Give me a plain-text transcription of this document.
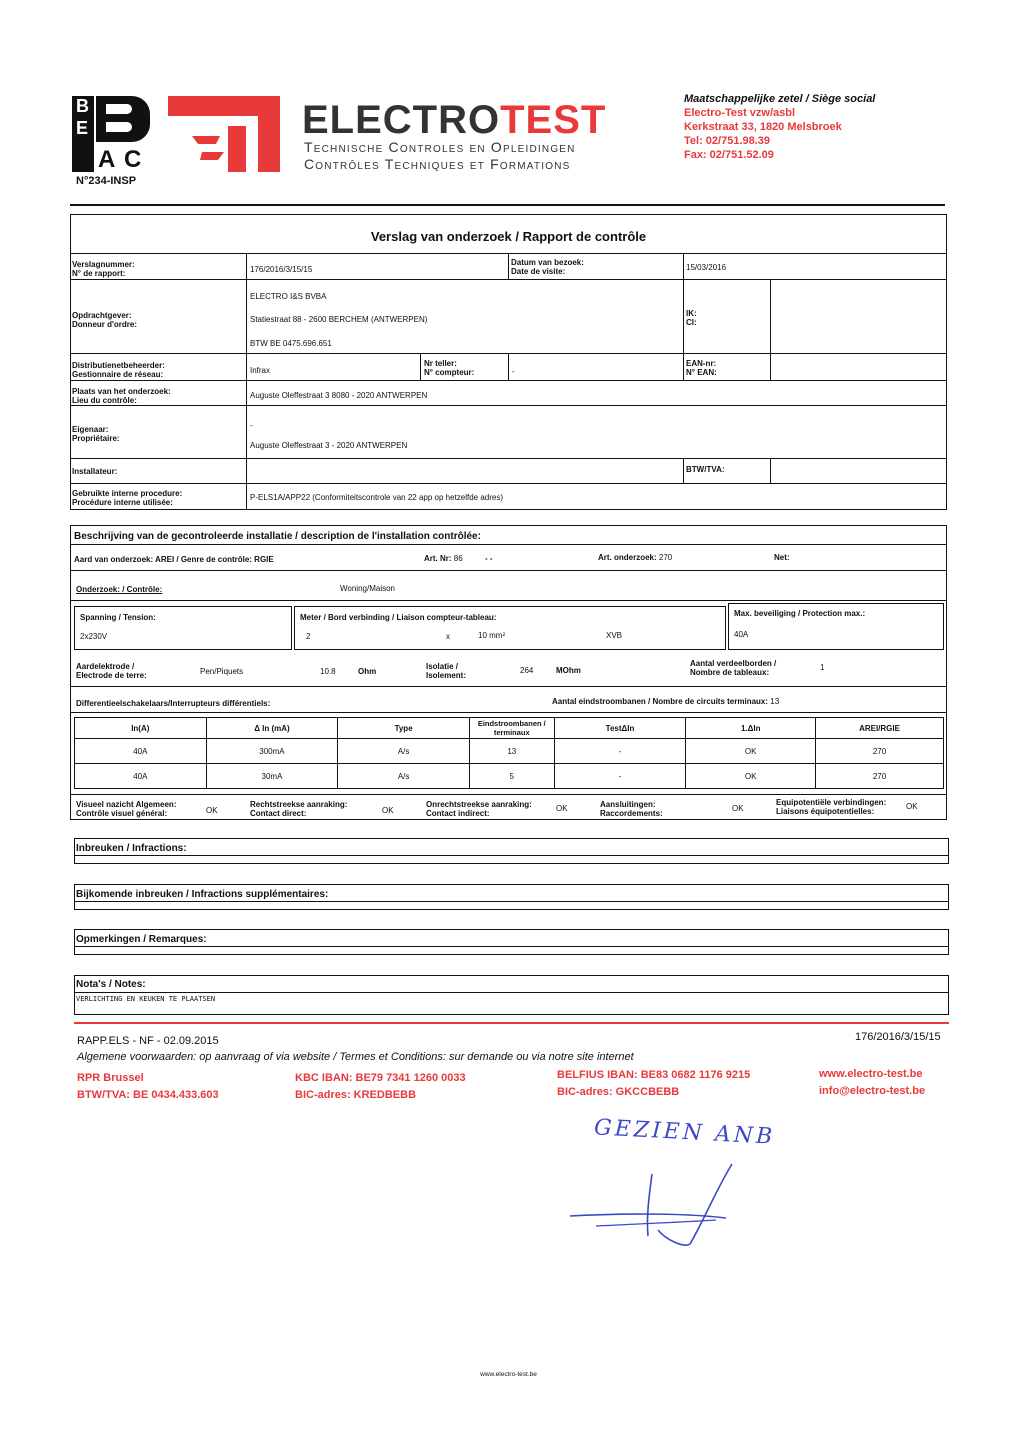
B
E
L A C
N°234-INSP
ELECTROTEST
Technische Controles en Opleidingen
Contrôles Techniques et Formations
Maatschappelijke zetel / Siège social
Electro-Test vzw/asbl
Kerkstraat 33, 1820 Melsbroek
Tel: 02/751.98.39
Fax: 02/751.52.09
Verslag van onderzoek / Rapport de contrôle
Verslagnummer:
N° de rapport:	176/2016/3/15/15
Datum van bezoek:
Date de visite:	15/03/2016
Opdrachtgever:
Donneur d'ordre:
ELECTRO I&S BVBA
Statiestraat 88 - 2600 BERCHEM (ANTWERPEN)
BTW BE 0475.696.651
IK:
CI:
Distributienetbeheerder:
Gestionnaire de réseau:	Infrax
Nr teller:
N° compteur:	-
EAN-nr:
N° EAN:
Plaats van het onderzoek:
Lieu du contrôle:
Auguste Oleffestraat 3 8080 - 2020 ANTWERPEN
Eigenaar:
Propriétaire:
-
Auguste Oleffestraat 3 - 2020 ANTWERPEN
Installateur:	BTW/TVA:
Gebruikte interne procedure:
Procédure interne utilisée:
P-ELS1A/APP22 (Conformiteitscontrole van 22 app op hetzelfde adres)
Beschrijving van de gecontroleerde installatie / description de l'installation contrôlée:
Aard van onderzoek: AREI / Genre de contrôle: RGIE	Art. Nr: 86	- -	Art. onderzoek: 270	Net:
Onderzoek: / Contrôle:	Woning/Maison
Spanning / Tension:
2x230V
Meter / Bord verbinding / Liaison compteur-tableau:
2	x	10 mm²	XVB
Max. beveiliging / Protection max.:
40A
Aardelektrode /
Electrode de terre:	Pen/Piquets	10.8	Ohm
Isolatie /
Isolement:
264	MOhm
Aantal verdeelborden /
Nombre de tableaux:
1
Differentieelschakelaars/Interrupteurs différentiels:	Aantal eindstroombanen / Nombre de circuits terminaux: 13
In(A)	Δ In (mA)	Type	Eindstroombanen / terminaux	TestΔIn	1.ΔIn	AREI/RGIE
40A	300mA	A/s	13	-	OK	270
40A	30mA	A/s	5	-	OK	270
Visueel nazicht Algemeen:
Contrôle visuel général:	OK
Rechtstreekse aanraking:
Contact direct:	OK
Onrechtstreekse aanraking:
Contact indirect:
OK	Aansluitingen:
Raccordements:
OK
Equipotentiële verbindingen:
Liaisons équipotentielles:
OK
Inbreuken / Infractions:
Bijkomende inbreuken / Infractions supplémentaires:
Opmerkingen / Remarques:
Nota's / Notes:
VERLICHTING EN KEUKEN TE PLAATSEN
RAPP.ELS - NF - 02.09.2015	176/2016/3/15/15
Algemene voorwaarden: op aanvraag of via website / Termes et Conditions: sur demande ou via notre site internet
RPR Brussel
BTW/TVA: BE 0434.433.603
KBC IBAN: BE79 7341 1260 0033
BIC-adres: KREDBEBB
BELFIUS IBAN: BE83 0682 1176 9215
BIC-adres: GKCCBEBB
www.electro-test.be
info@electro-test.be
GEZIEN ANB
www.electro-test.be
